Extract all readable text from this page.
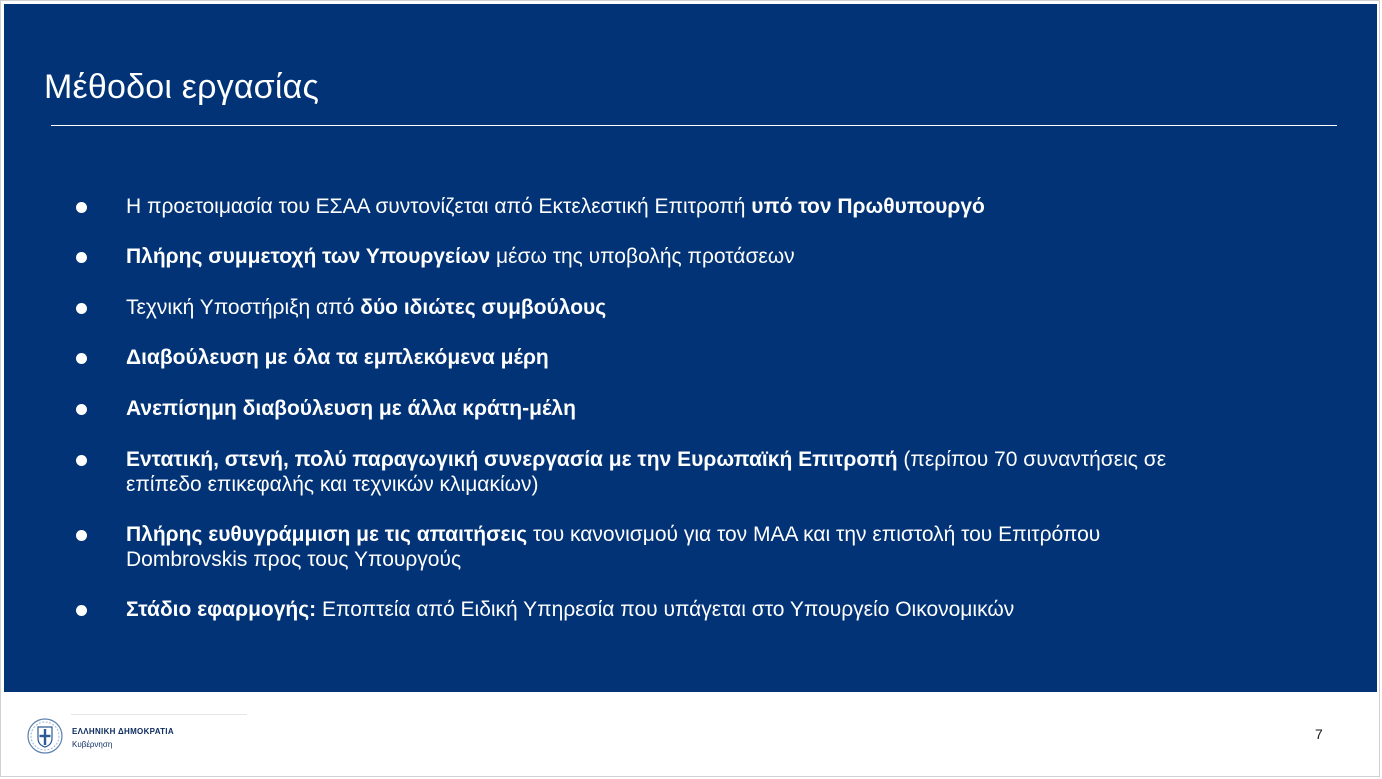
Μέθοδοι εργασίας
Η προετοιμασία του ΕΣΑΑ συντονίζεται από Εκτελεστική Επιτροπή υπό τον Πρωθυπουργό
Πλήρης συμμετοχή των Υπουργείων μέσω της υποβολής προτάσεων
Τεχνική Υποστήριξη από δύο ιδιώτες συμβούλους
Διαβούλευση με όλα τα εμπλεκόμενα μέρη
Ανεπίσημη διαβούλευση με άλλα κράτη-μέλη
Εντατική, στενή, πολύ παραγωγική συνεργασία με την Ευρωπαϊκή Επιτροπή (περίπου 70 συναντήσεις σε επίπεδο επικεφαλής και τεχνικών κλιμακίων)
Πλήρης ευθυγράμμιση με τις απαιτήσεις του κανονισμού για τον ΜΑΑ και την επιστολή του Επιτρόπου Dombrovskis προς τους Υπουργούς
Στάδιο εφαρμογής: Εποπτεία από Ειδική Υπηρεσία που υπάγεται στο Υπουργείο Οικονομικών
ΕΛΛΗΝΙΚΗ ΔΗΜΟΚΡΑΤΙΑ
Κυβέρνηση
7
